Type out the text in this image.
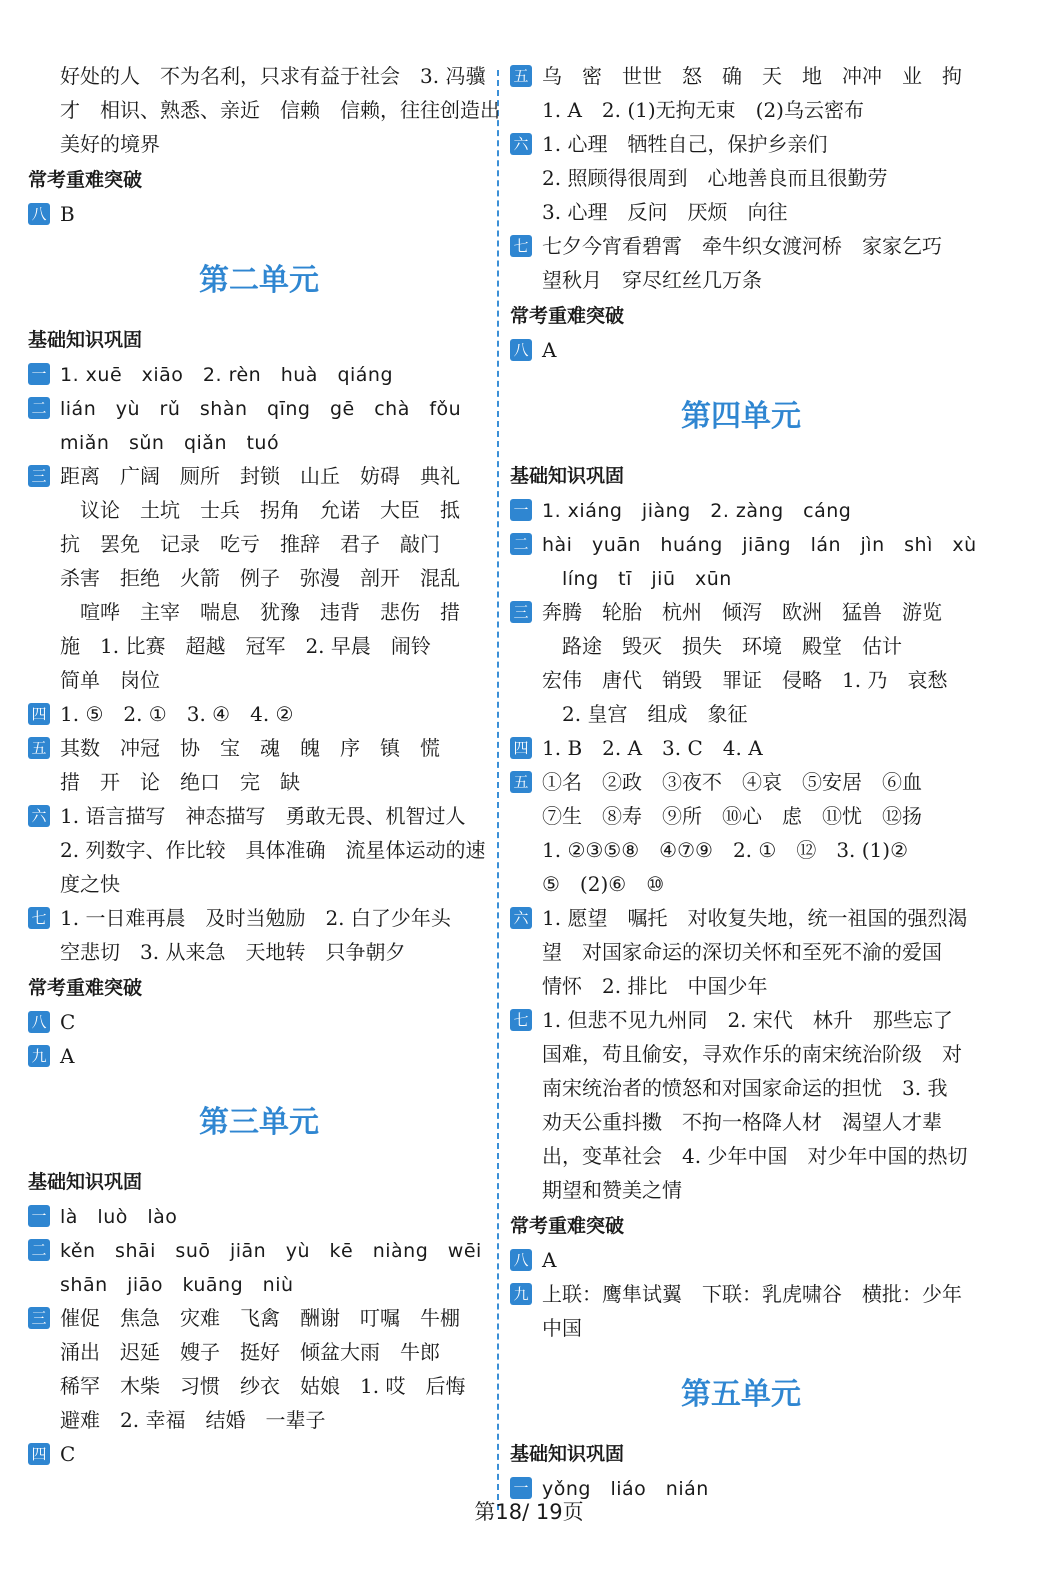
好处的人　不为名利，只求有益于社会　3. 冯骥
才　相识、熟悉、亲近　信赖　信赖，往往创造出
美好的境界
常考重难突破
八 B
第二单元
基础知识巩固
一 1. xuē　xiāo　2. rèn　huà　qiáng
二 lián　yù　rǔ　shàn　qīng　gē　chà　fǒu
miǎn　sǔn　qiǎn　tuó
三 距离　广阔　厕所　封锁　山丘　妨碍　典礼
议论　土坑　士兵　拐角　允诺　大臣　抵
抗　罢免　记录　吃亏　推辞　君子　敲门
杀害　拒绝　火箭　例子　弥漫　剖开　混乱
喧哗　主宰　喘息　犹豫　违背　悲伤　措
施　1. 比赛　超越　冠军　2. 早晨　闹铃
简单　岗位
四 1. ⑤　2. ①　3. ④　4. ②
五 其数　冲冠　协　宝　魂　魄　序　镇　慌
措　开　论　绝口　完　缺
六 1. 语言描写　神态描写　勇敢无畏、机智过人
2. 列数字、作比较　具体准确　流星体运动的速
度之快
七 1. 一日难再晨　及时当勉励　2. 白了少年头
空悲切　3. 从来急　天地转　只争朝夕
常考重难突破
八 C
九 A
第三单元
基础知识巩固
一 là　luò　lào
二 kěn　shāi　suō　jiān　yù　kē　niàng　wēi
shān　jiāo　kuāng　niù
三 催促　焦急　灾难　飞禽　酬谢　叮嘱　牛棚
涌出　迟延　嫂子　挺好　倾盆大雨　牛郎
稀罕　木柴　习惯　纱衣　姑娘　1. 哎　后悔
避难　2. 幸福　结婚　一辈子
四 C
五 乌　密　世世　怒　确　天　地　冲冲　业　拘
1. A　2. (1)无拘无束　(2)乌云密布
六 1. 心理　牺牲自己，保护乡亲们
2. 照顾得很周到　心地善良而且很勤劳
3. 心理　反问　厌烦　向往
七 七夕今宵看碧霄　牵牛织女渡河桥　家家乞巧
望秋月　穿尽红丝几万条
常考重难突破
八 A
第四单元
基础知识巩固
一 1. xiáng　jiàng　2. zàng　cáng
二 hài　yuān　huáng　jiāng　lán　jìn　shì　xù
líng　tī　jiū　xūn
三 奔腾　轮胎　杭州　倾泻　欧洲　猛兽　游览
路途　毁灭　损失　环境　殿堂　估计
宏伟　唐代　销毁　罪证　侵略　1. 乃　哀愁
2. 皇宫　组成　象征
四 1. B　2. A　3. C　4. A
五 ①名　②政　③夜不　④哀　⑤安居　⑥血
⑦生　⑧寿　⑨所　⑩心　虑　⑪忧　⑫扬
1. ②③⑤⑧　④⑦⑨　2. ①　⑫　3. (1)②
⑤　(2)⑥　⑩
六 1. 愿望　嘱托　对收复失地，统一祖国的强烈渴
望　对国家命运的深切关怀和至死不渝的爱国
情怀　2. 排比　中国少年
七 1. 但悲不见九州同　2. 宋代　林升　那些忘了
国难，苟且偷安，寻欢作乐的南宋统治阶级　对
南宋统治者的愤怒和对国家命运的担忧　3. 我
劝天公重抖擞　不拘一格降人材　渴望人才辈
出，变革社会　4. 少年中国　对少年中国的热切
期望和赞美之情
常考重难突破
八 A
九 上联：鹰隼试翼　下联：乳虎啸谷　横批：少年
中国
第五单元
基础知识巩固
一 yǒng　liáo　nián
第18/ 19页
